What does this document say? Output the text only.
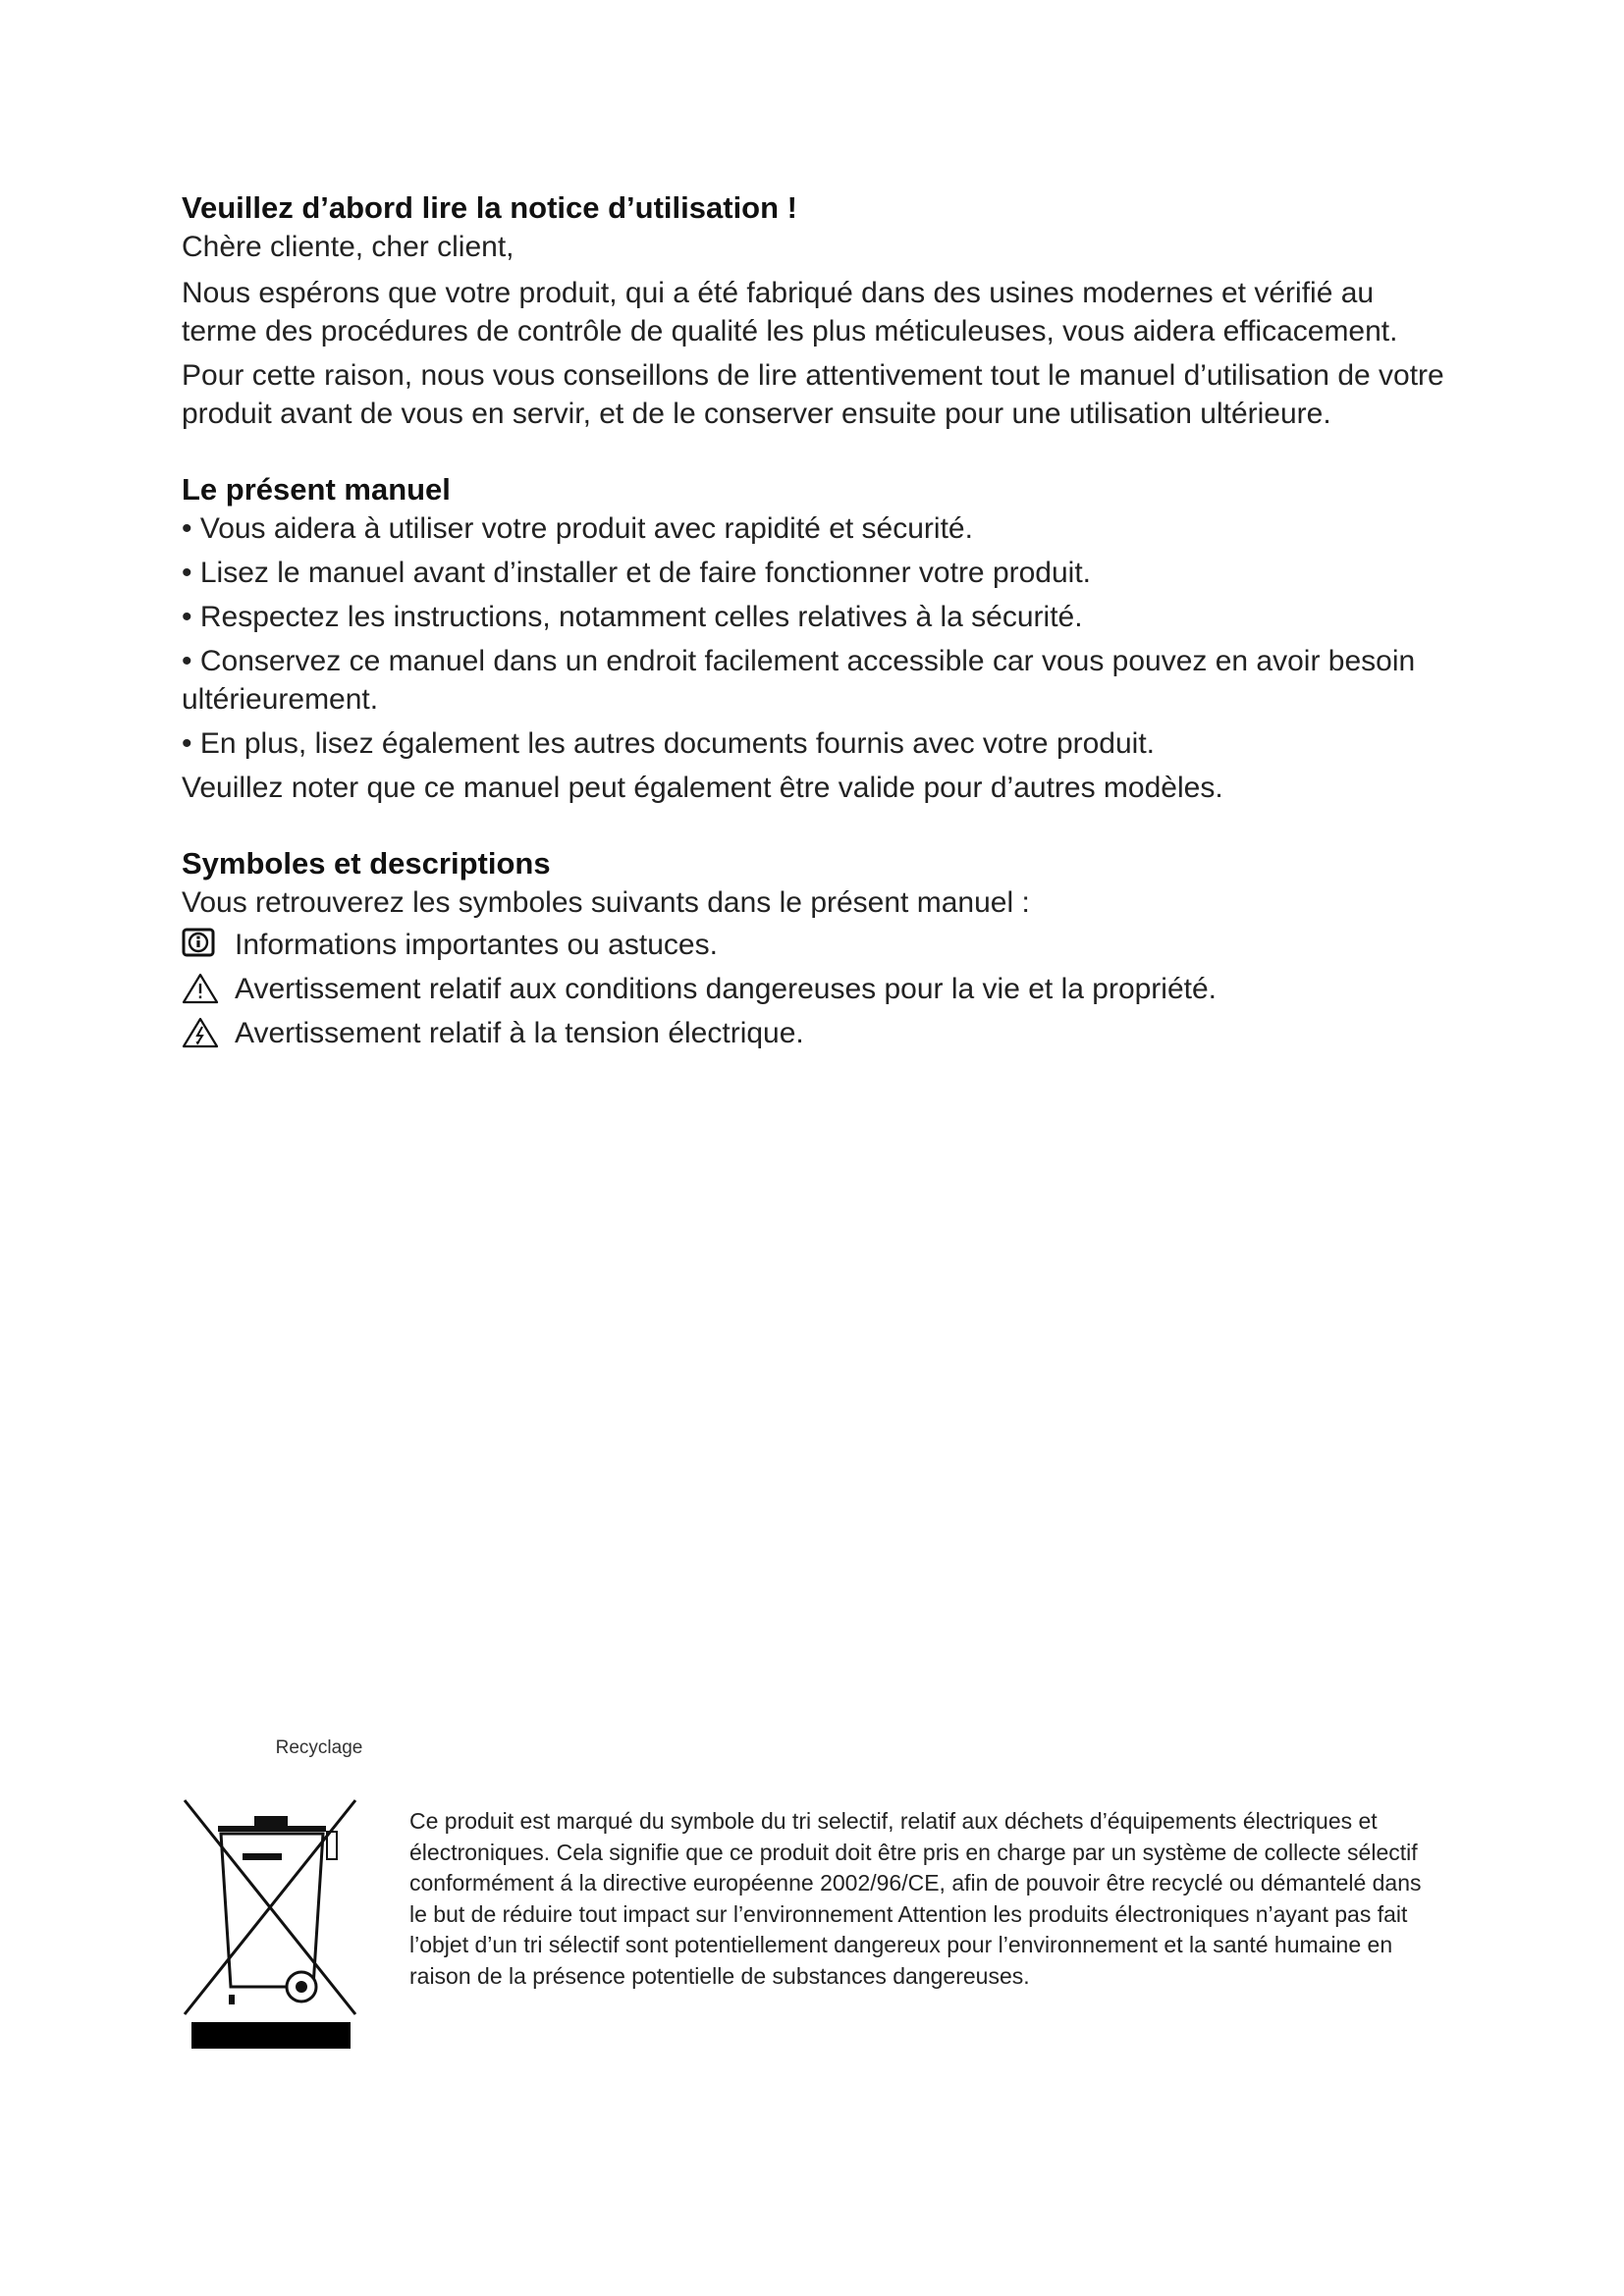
Veuillez d’abord lire la notice d’utilisation !

Chère cliente, cher client,

Nous espérons que votre produit, qui a été fabriqué dans des usines modernes et vérifié au terme des procédures de contrôle de qualité les plus méticuleuses, vous aidera efficacement.

Pour cette raison, nous vous conseillons de lire attentivement tout le manuel d’utilisation de votre produit avant de vous en servir, et de le conserver ensuite pour une utilisation ultérieure.

Le présent manuel

• Vous aidera à utiliser votre produit avec rapidité et sécurité.

• Lisez le manuel avant d’installer et de faire fonctionner votre produit.

• Respectez les instructions, notamment celles relatives à la sécurité.

• Conservez ce manuel dans un endroit facilement accessible car vous pouvez en avoir besoin ultérieurement.

• En plus, lisez également les autres documents fournis avec votre produit.

Veuillez noter que ce manuel peut également être valide pour d’autres modèles.

Symboles et descriptions

Vous retrouverez les symboles suivants dans le présent manuel :

Informations importantes ou astuces.
Avertissement relatif aux conditions dangereuses pour la vie et la propriété.
Avertissement relatif à la tension électrique.
Recyclage

Ce produit est marqué du symbole du tri selectif, relatif aux déchets d’équipements électriques et électroniques. Cela signifie que ce produit doit être pris en charge par un système de collecte sélectif conformément á la directive européenne 2002/96/CE, afin de pouvoir être recyclé ou démantelé dans le but de réduire tout impact sur l’environnement Attention les produits électroniques n’ayant pas fait l’objet d’un tri sélectif sont potentiellement dangereux pour l’environnement et la santé humaine en raison de la présence potentielle de substances dangereuses.
